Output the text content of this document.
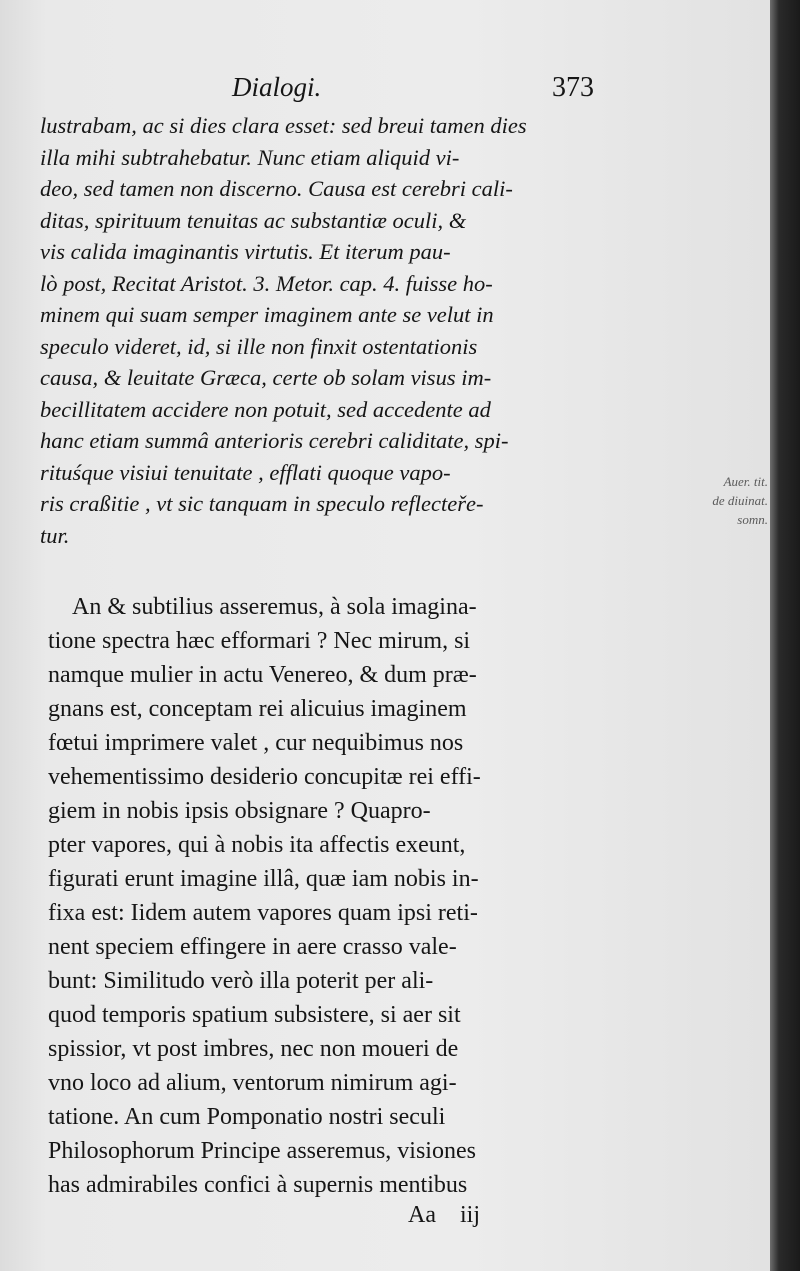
Dialogi.	373
lustrabam, ac si dies clara esset: sed breui tamen dies
illa mihi subtrahebatur. Nunc etiam aliquid vi-
deo, sed tamen non discerno. Causa est cerebri cali-
ditas, spirituum tenuitas ac substantiæ oculi, &
vis calida imaginantis virtutis. Et iterum pau-
lò post, Recitat Aristot. 3. Metor. cap. 4. fuisse ho-
minem qui suam semper imaginem ante se velut in
speculo videret, id, si ille non finxit ostentationis
causa, & leuitate Græca, certe ob solam visus im-
becillitatem accidere non potuit, sed accedente ad
hanc etiam summâ anterioris cerebri caliditate, spi-
rituśque visiui tenuitate , efflati quoque vapo-
ris craßitie , vt sic tanquam in speculo reflecteře-
tur.
Auer. tit.
de diuinat.
somn.
An & subtilius asseremus, à sola imagina-
tione spectra hæc efformari ? Nec mirum, si
namque mulier in actu Venereo, & dum præ-
gnans est, conceptam rei alicuius imaginem
fœtui imprimere valet , cur nequibimus nos
vehementissimo desiderio concupitæ rei effi-
giem in nobis ipsis obsignare ? Quapro-
pter vapores, qui à nobis ita affectis exeunt,
figurati erunt imagine illâ, quæ iam nobis in-
fixa est: Iidem autem vapores quam ipsi reti-
nent speciem effingere in aere crasso vale-
bunt: Similitudo verò illa poterit per ali-
quod temporis spatium subsistere, si aer sit
spissior, vt post imbres, nec non moueri de
vno loco ad alium, ventorum nimirum agi-
tatione. An cum Pomponatio nostri seculi
Philosophorum Principe asseremus, visiones
has admirabiles confici à supernis mentibus
Aa iij
